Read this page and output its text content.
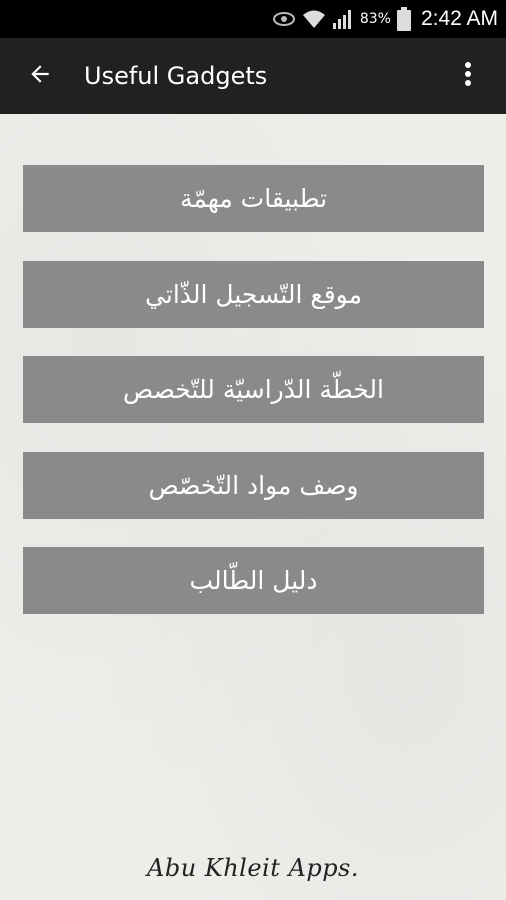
83% 2:42 AM
Useful Gadgets
تطبيقات مهمّة
موقع التّسجيل الذّاتي
الخطّة الدّراسيّة للتّخصص
وصف مواد التّخصّص
دليل الطّالب
Abu Khleit Apps.
